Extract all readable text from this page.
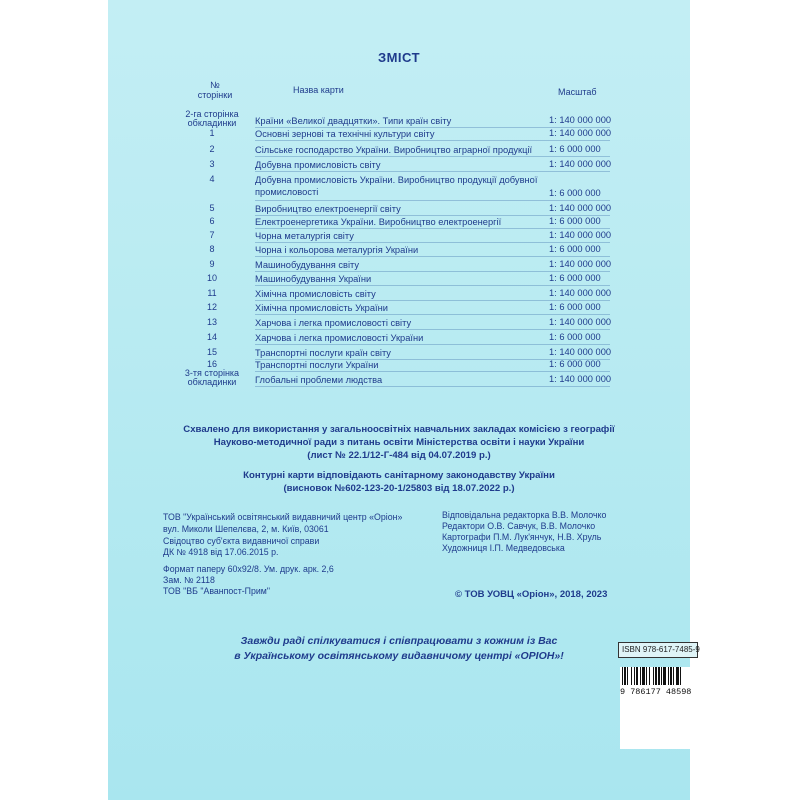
ЗМІСТ
№
сторінки	Назва карти	Масштаб
2-га сторінка обкладинки	Країни «Великої двадцятки». Типи країн світу	1: 140 000 000
1	Основні зернові та технічні культури світу	1: 140 000 000
2	Сільське господарство України. Виробництво аграрної продукції	1: 6 000 000
3	Добувна промисловість світу	1: 140 000 000
4	Добувна промисловість України. Виробництво продукції добувної промисловості	1: 6 000 000
5	Виробництво електроенергії світу	1: 140 000 000
6	Електроенергетика України. Виробництво електроенергії	1: 6 000 000
7	Чорна металургія світу	1: 140 000 000
8	Чорна і кольорова металургія України	1: 6 000 000
9	Машинобудування світу	1: 140 000 000
10	Машинобудування України	1: 6 000 000
11	Хімічна промисловість світу	1: 140 000 000
12	Хімічна промисловість України	1: 6 000 000
13	Харчова і легка промисловості світу	1: 140 000 000
14	Харчова і легка промисловості України	1: 6 000 000
15	Транспортні послуги країн світу	1: 140 000 000
16	Транспортні послуги України	1: 6 000 000
3-тя сторінка обкладинки	Глобальні проблеми людства	1: 140 000 000
Схвалено для використання у загальноосвітніх навчальних закладах комісією з географії
Науково-методичної ради з питань освіти Міністерства освіти і науки України
(лист № 22.1/12-Г-484 від 04.07.2019 р.)
Контурні карти відповідають санітарному законодавству України
(висновок №602-123-20-1/25803 від 18.07.2022 р.)
ТОВ "Український освітянський видавничий центр «Оріон»
вул. Миколи Шепелєва, 2, м. Київ, 03061
Свідоцтво суб'єкта видавничої справи
ДК № 4918 від 17.06.2015 р.
Формат паперу 60х92/8. Ум. друк. арк. 2,6
Зам. № 2118
ТОВ "ВБ "Аванпост-Прим"
Відповідальна редакторка В.В. Молочко
Редактори О.В. Савчук, В.В. Молочко
Картографи П.М. Лук'янчук, Н.В. Хруль
Художниця І.П. Медведовська
© ТОВ УОВЦ «Оріон», 2018, 2023
Завжди раді спілкуватися і співпрацювати з кожним із Вас
в Українському освітянському видавничому центрі «ОРІОН»!
ISBN 978-617-7485-9
9 786177 48598
